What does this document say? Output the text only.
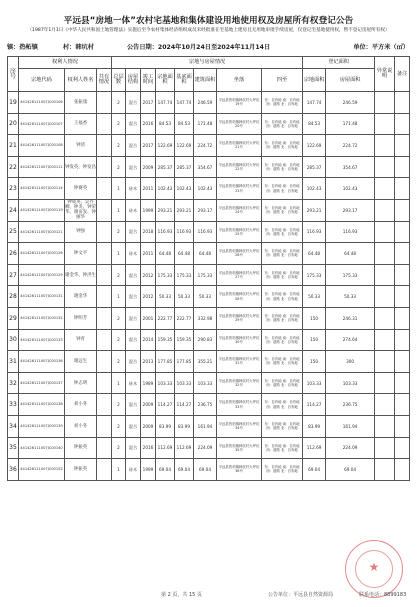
平远县“房地一体”农村宅基地和集体建设用地使用权及房屋所有权登记公告
（1987年1月1日《中华人民共和国土地管理法》实施后至今农村集体经济组织成员未经批准在宅基地上建房且无用地审批手续房屋，仅登记宅基地使用权，暂不登记房屋所有权）
镇：热柘镇	村：韩坑村	公告日期：2024年10月24日至2024年11月14日	单位：平方米（㎡）
序号	权利人情况			宗地与房屋情况								登记面积		异常说明	备注
	宗地代码	权利人姓名	共有情况	总层数	房屋结构	竣工时间	宗地面积	基底面积	建筑面积	坐落	四至	宗地面积	房屋面积		
19	441426111007JC00106	张振康		2	混合	2017	147.74	147.74	246.59	平远县热柘镇韩坑村大坪坑19号	东：自有地 南：自有地 西：道路 北：自有地	147.74	246.59		
20	441426111007JC00107	王福香		2	混合	2016	84.53	84.53	171.48	平远县热柘镇韩坑村大坪坑20号	东：自有地 南：自有地 西：道路 北：自有地	84.53	171.48		
21	441426111007JC00108	钟清		2	混合	2017	122.69	122.69	224.72	平远县热柘镇韩坑村大坪坑21号	东：自有地 南：自有地 西：道路 北：自有地	122.69	224.72		
22	441426111007JC00111	钟发英、钟发昌		2	混合	2009	285.37	285.37	354.67	平远县热柘镇韩坑村大坪坑22号	东：自有地 南：自有地 西：道路 北：自有地	285.37	354.67		
23	441426111007JC00114	钟赛英		1	砖木	2011	102.43	102.43	102.43	平远县热柘镇韩坑村大坪坑23号	东：自有地 南：自有地 西：道路 北：自有地	102.43	102.43		
24	441426111007JC00119	钟成英、吴丹柳、钟炎、钟荣华、谢亩发、钟丽华		1	砖木	1999	293.21	293.21	293.17	平远县热柘镇韩坑村大坪坑24号	东：自有地 南：自有地 西：道路 北：自有地	293.21	293.17		
25	441426111007JC00121	钟强		2	混合	2018	116.93	116.93	116.93	平远县热柘镇韩坑村大坪坑25号	东：自有地 南：自有地 西：道路 北：自有地	116.93	116.93		
26	441426111007JC00126	钟文平		1	砖木	2011	64.48	64.48	64.48	平远县热柘镇韩坑村大坪坑26号	东：自有地 南：自有地 西：道路 北：自有地	64.48	64.48		
27	441426111007JC00129	谢金华、钟洪生		2	混合	2012	175.33	175.33	175.33	平远县热柘镇韩坑村大坪坑27号	东：自有地 南：自有地 西：道路 北：自有地	175.33	175.33		
28	441426111007JC00131	谢金华		1	混合	2012	50.33	50.33	50.33	平远县热柘镇韩坑村大坪坑28号	东：自有地 南：自有地 西：道路 北：自有地	50.33	50.33		
29	441426111007JC00132	钟明芳		2	混合	2001	222.77	222.77	332.98	平远县热柘镇韩坑村大坪坑29号	东：自有地 南：自有地 西：道路 北：自有地	150	246.31		
30	441426111007JC00133	钟青		2	混合	2014	159.35	159.35	290.83	平远县热柘镇韩坑村大坪坑30号	东：自有地 南：自有地 西：道路 北：自有地	150	274.64		
31	441426111007JC00136	谢远生		2	混合	2013	177.85	177.85	355.21	平远县热柘镇韩坑村大坪坑31号	东：自有地 南：自有地 西：道路 北：自有地	150	300		
32	441426111007JC00137	钟志明		1	砖木	1989	103.33	103.33	103.33	平远县热柘镇韩坑村大坪坑32号	东：自有地 南：自有地 西：道路 北：自有地	103.33	103.33		
33	441426111007JC00138	刘小冬		2	混合	2009	114.27	114.27	236.75	平远县热柘镇韩坑村大坪坑33号	东：自有地 南：自有地 西：道路 北：自有地	114.27	236.75		
34	441426111007JC00139	刘小冬		2	混合	2009	83.99	83.99	161.94	平远县热柘镇韩坑村大坪坑34号	东：自有地 南：自有地 西：道路 北：自有地	83.99	161.94		
35	441426111007JC00140	钟振英		2	混合	2016	112.69	112.69	224.09	平远县热柘镇韩坑村大坪坑35号	东：自有地 南：自有地 西：道路 北：自有地	112.69	224.09		
36	441426111007JC00152	钟振英		1	砖木	1999	69.04	69.04	69.04	平远县热柘镇韩坑村大坪坑36号	东：自有地 南：自有地 西：道路 北：自有地	69.04	69.04		
★
第 2 页，共 15 页	公告单位：平远县自然资源局	联系电话：8899183
